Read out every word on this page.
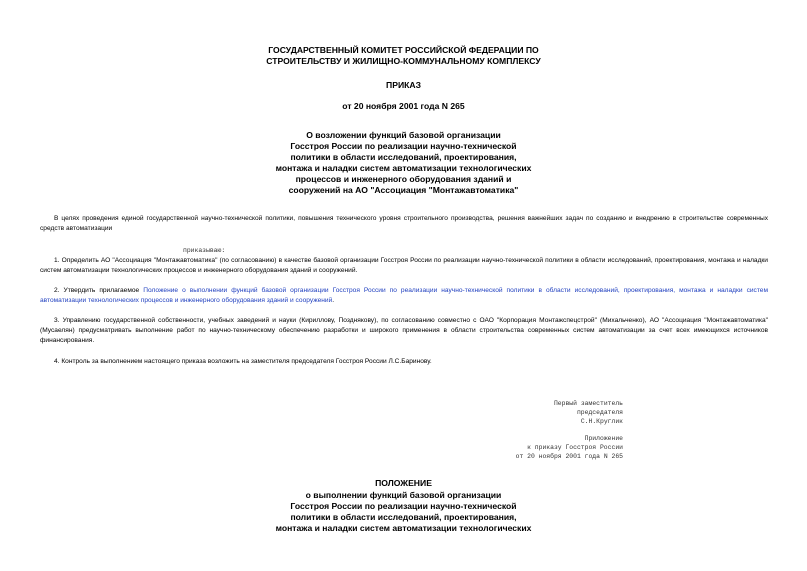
ГОСУДАРСТВЕННЫЙ КОМИТЕТ РОССИЙСКОЙ ФЕДЕРАЦИИ ПО
СТРОИТЕЛЬСТВУ И ЖИЛИЩНО-КОММУНАЛЬНОМУ КОМПЛЕКСУ
ПРИКАЗ
от 20 ноября 2001 года N 265
О возложении функций базовой организации
Госстроя России по реализации научно-технической
политики в области исследований, проектирования,
монтажа и наладки систем автоматизации технологических
процессов и инженерного оборудования зданий и
сооружений на АО "Ассоциация "Монтажавтоматика"
В целях проведения единой государственной научно-технической политики, повышения технического уровня строительного производства, решения важнейших задач по созданию и внедрению в строительстве современных средств автоматизации
приказываю:
1. Определить АО "Ассоциация "Монтажавтоматика" (по согласованию) в качестве базовой организации Госстроя России по реализации научно-технической политики в области исследований, проектирования, монтажа и наладки систем автоматизации технологических процессов и инженерного оборудования зданий и сооружений.
2. Утвердить прилагаемое Положение о выполнении функций базовой организации Госстроя России по реализации научно-технической политики в области исследований, проектирования, монтажа и наладки систем автоматизации технологических процессов и инженерного оборудования зданий и сооружений.
3. Управлению государственной собственности, учебных заведений и науки (Кириллову, Позднякову), по согласованию совместно с ОАО "Корпорация Монтажспецстрой" (Михальченко), АО "Ассоциация "Монтажавтоматика" (Мусаелян) предусматривать выполнение работ по научно-техническому обеспечению разработки и широкого применения в области строительства современных систем автоматизации за счет всех имеющихся источников финансирования.
4. Контроль за выполнением настоящего приказа возложить на заместителя председателя Госстроя России Л.С.Баринову.
Первый заместитель
председателя
С.Н.Круглик
Приложение
к приказу Госстроя России
от 20 ноября 2001 года N 265
ПОЛОЖЕНИЕ
о выполнении функций базовой организации
Госстроя России по реализации научно-технической
политики в области исследований, проектирования,
монтажа и наладки систем автоматизации технологических
